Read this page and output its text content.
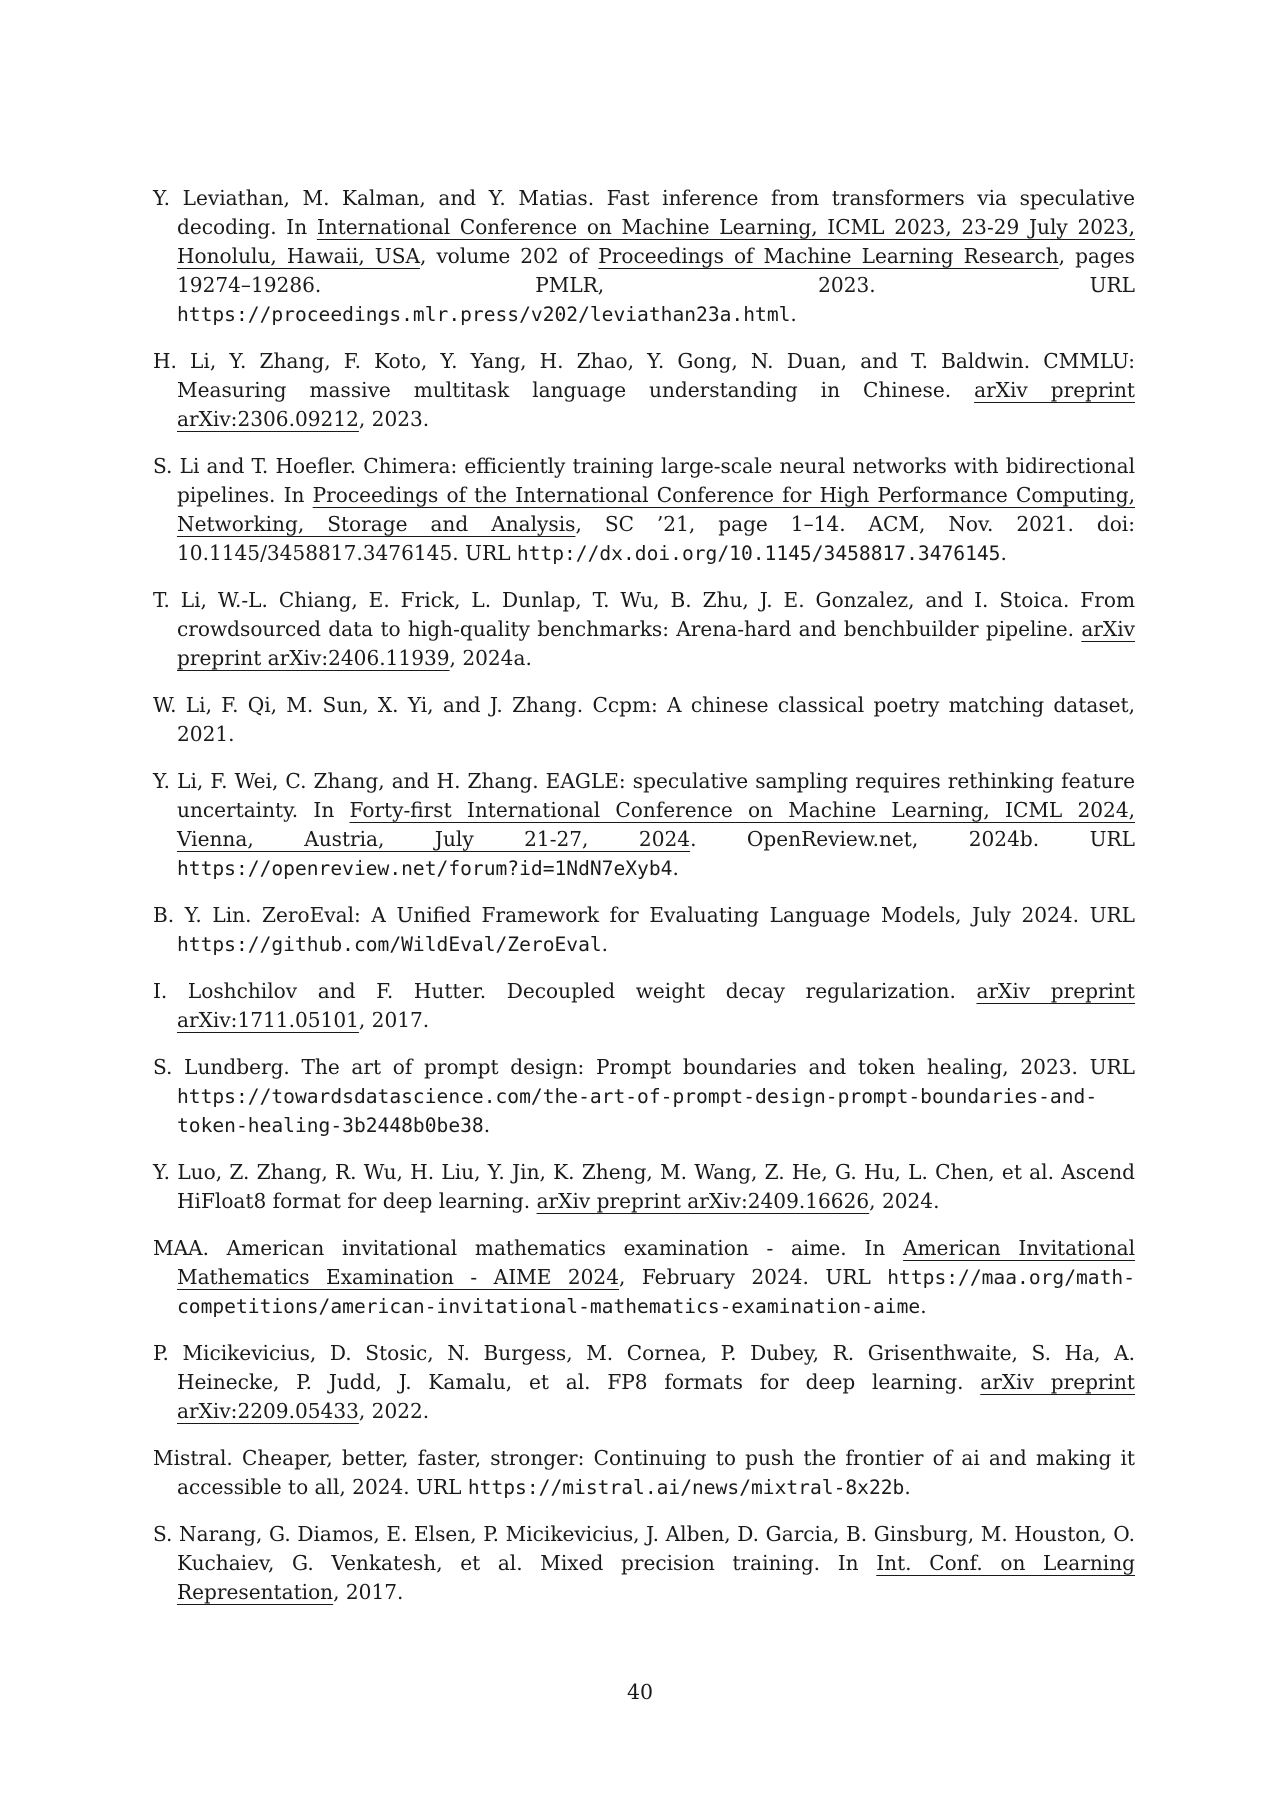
Y. Leviathan, M. Kalman, and Y. Matias. Fast inference from transformers via speculative decoding. In International Conference on Machine Learning, ICML 2023, 23-29 July 2023, Honolulu, Hawaii, USA, volume 202 of Proceedings of Machine Learning Research, pages 19274–19286. PMLR, 2023. URL https://proceedings.mlr.press/v202/leviathan23a.html.

H. Li, Y. Zhang, F. Koto, Y. Yang, H. Zhao, Y. Gong, N. Duan, and T. Baldwin. CMMLU: Measuring massive multitask language understanding in Chinese. arXiv preprint arXiv:2306.09212, 2023.

S. Li and T. Hoefler. Chimera: efficiently training large-scale neural networks with bidirectional pipelines. In Proceedings of the International Conference for High Performance Computing, Networking, Storage and Analysis, SC ’21, page 1–14. ACM, Nov. 2021. doi: 10.1145/3458817.3476145. URL http://dx.doi.org/10.1145/3458817.3476145.

T. Li, W.-L. Chiang, E. Frick, L. Dunlap, T. Wu, B. Zhu, J. E. Gonzalez, and I. Stoica. From crowdsourced data to high-quality benchmarks: Arena-hard and benchbuilder pipeline. arXiv preprint arXiv:2406.11939, 2024a.

W. Li, F. Qi, M. Sun, X. Yi, and J. Zhang. Ccpm: A chinese classical poetry matching dataset, 2021.

Y. Li, F. Wei, C. Zhang, and H. Zhang. EAGLE: speculative sampling requires rethinking feature uncertainty. In Forty-first International Conference on Machine Learning, ICML 2024, Vienna, Austria, July 21-27, 2024. OpenReview.net, 2024b. URL https://openreview.net/forum?id=1NdN7eXyb4.

B. Y. Lin. ZeroEval: A Unified Framework for Evaluating Language Models, July 2024. URL https://github.com/WildEval/ZeroEval.

I. Loshchilov and F. Hutter. Decoupled weight decay regularization. arXiv preprint arXiv:1711.05101, 2017.

S. Lundberg. The art of prompt design: Prompt boundaries and token healing, 2023. URL https://towardsdatascience.com/the-art-of-prompt-design-prompt-boundaries-and-token-healing-3b2448b0be38.

Y. Luo, Z. Zhang, R. Wu, H. Liu, Y. Jin, K. Zheng, M. Wang, Z. He, G. Hu, L. Chen, et al. Ascend HiFloat8 format for deep learning. arXiv preprint arXiv:2409.16626, 2024.

MAA. American invitational mathematics examination - aime. In American Invitational Mathematics Examination - AIME 2024, February 2024. URL https://maa.org/math-competitions/american-invitational-mathematics-examination-aime.

P. Micikevicius, D. Stosic, N. Burgess, M. Cornea, P. Dubey, R. Grisenthwaite, S. Ha, A. Heinecke, P. Judd, J. Kamalu, et al. FP8 formats for deep learning. arXiv preprint arXiv:2209.05433, 2022.

Mistral. Cheaper, better, faster, stronger: Continuing to push the frontier of ai and making it accessible to all, 2024. URL https://mistral.ai/news/mixtral-8x22b.

S. Narang, G. Diamos, E. Elsen, P. Micikevicius, J. Alben, D. Garcia, B. Ginsburg, M. Houston, O. Kuchaiev, G. Venkatesh, et al. Mixed precision training. In Int. Conf. on Learning Representation, 2017.

40
